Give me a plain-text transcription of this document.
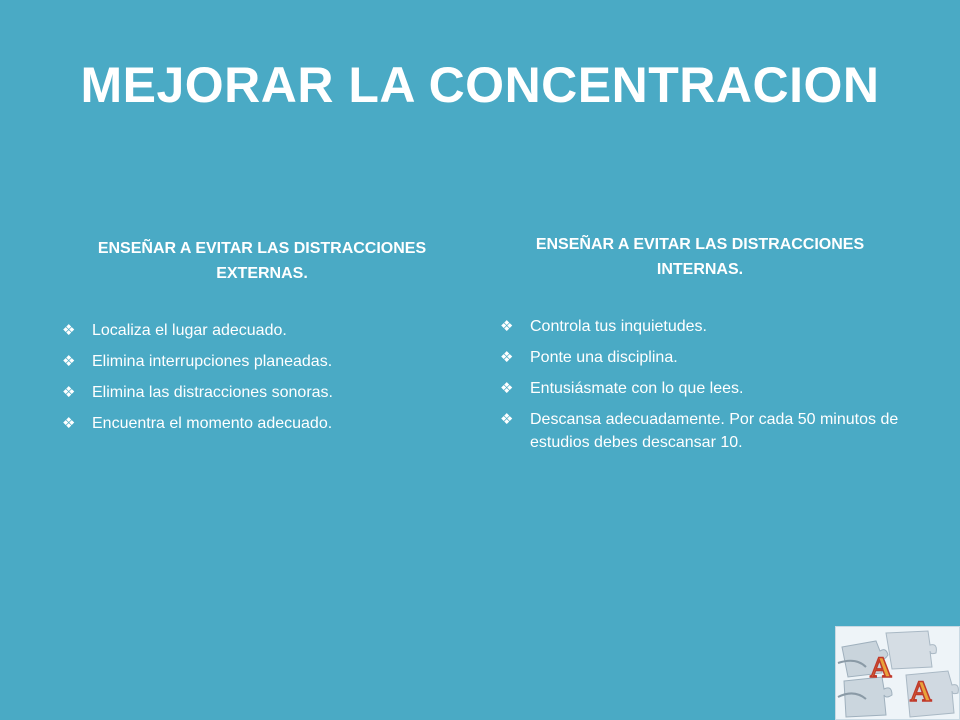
MEJORAR LA CONCENTRACION
ENSEÑAR A EVITAR LAS DISTRACCIONES
EXTERNAS.
❖ Localiza el lugar adecuado.
❖ Elimina interrupciones planeadas.
❖ Elimina las distracciones sonoras.
❖ Encuentra el momento adecuado.
ENSEÑAR A EVITAR LAS DISTRACCIONES
INTERNAS.
❖ Controla tus inquietudes.
❖ Ponte una disciplina.
❖ Entusiásmate con lo que lees.
❖ Descansa adecuadamente. Por cada 50 minutos de estudios debes descansar 10.
A
A
